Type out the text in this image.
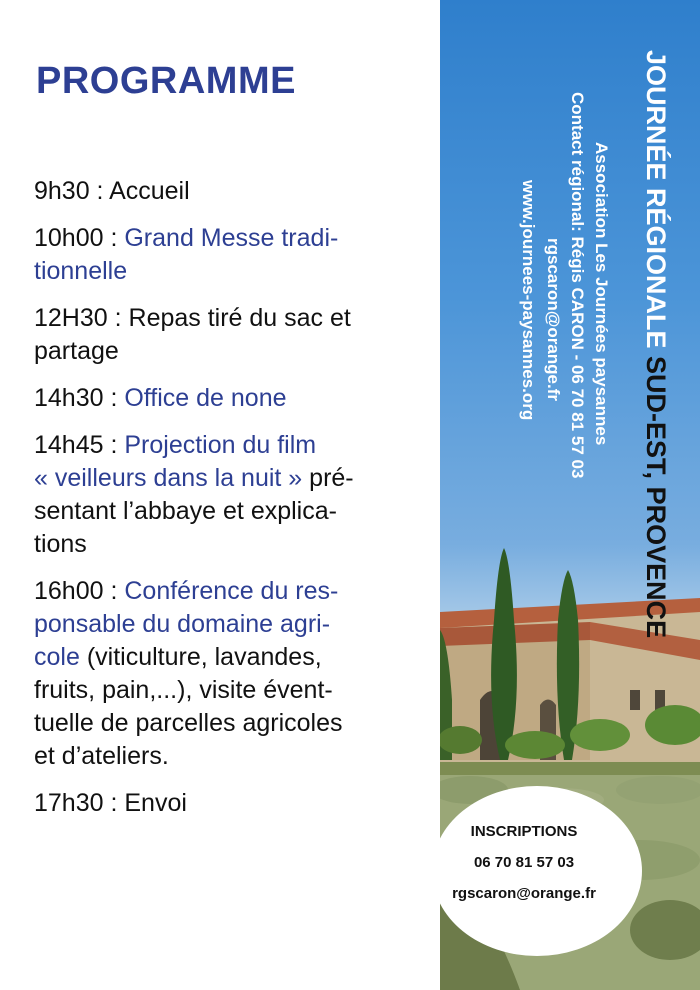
PROGRAMME
9h30 : Accueil
10h00 : Grand Messe tradi-
tionnelle
12H30 : Repas tiré du sac et
partage
14h30 : Office de none
14h45 : Projection du film
« veilleurs dans la nuit » pré-
sentant l’abbaye et explica-
tions
16h00 : Conférence du res-
ponsable du domaine agri-
cole (viticulture, lavandes,
fruits, pain,...), visite évent-
tuelle de parcelles agricoles
et d’ateliers.
17h30 : Envoi
JOURNÉE RÉGIONALE SUD-EST, PROVENCE
Association Les Journées paysannes
Contact régional: Régis CARON - 06 70 81 57 03
rgscaron@orange.fr
www.journees-paysannes.org
INSCRIPTIONS
06 70 81 57 03
rgscaron@orange.fr
